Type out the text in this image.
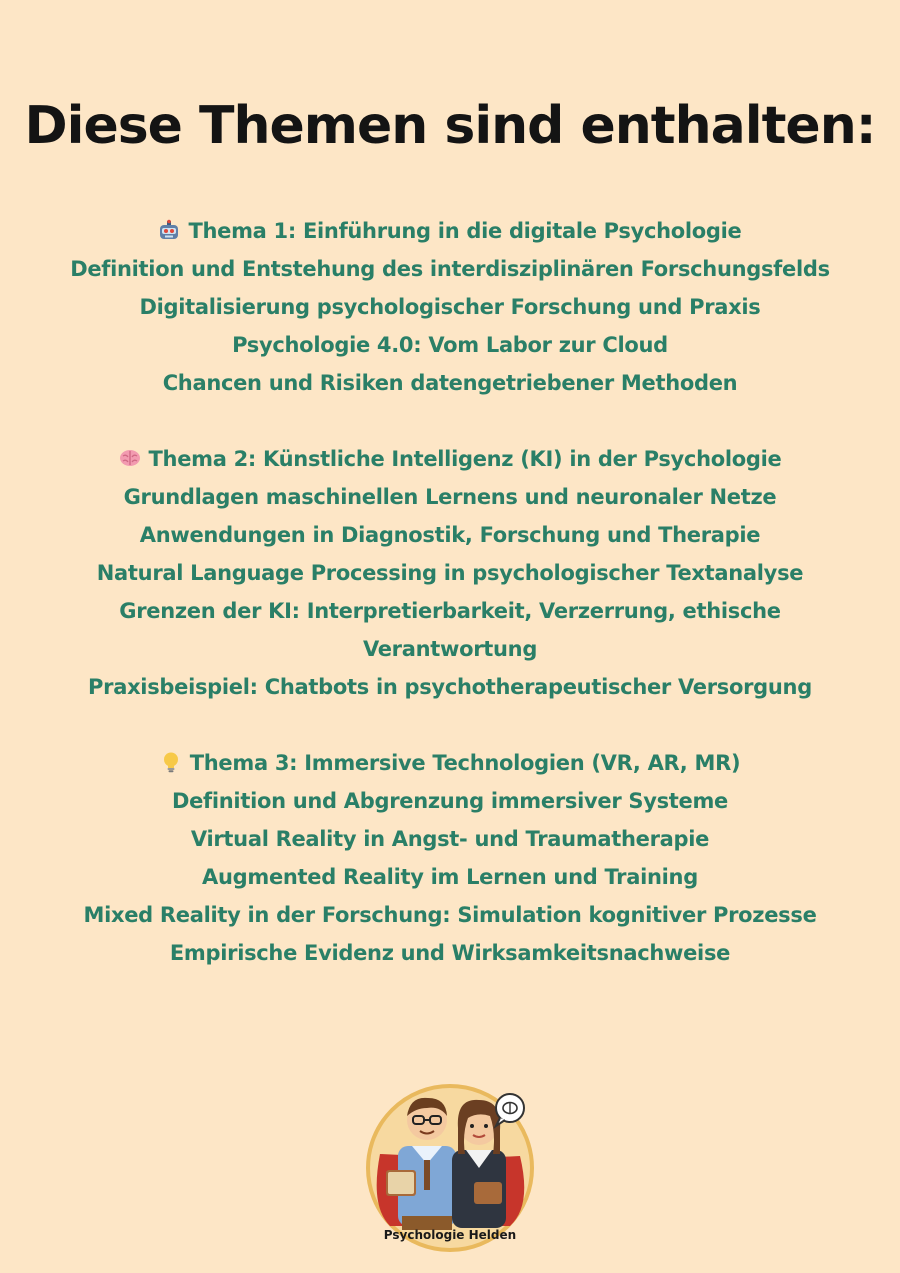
Diese Themen sind enthalten:

Thema 1: Einführung in die digitale Psychologie

Definition und Entstehung des interdisziplinären Forschungsfelds

Digitalisierung psychologischer Forschung und Praxis

Psychologie 4.0: Vom Labor zur Cloud

Chancen und Risiken datengetriebener Methoden

Thema 2: Künstliche Intelligenz (KI) in der Psychologie

Grundlagen maschinellen Lernens und neuronaler Netze

Anwendungen in Diagnostik, Forschung und Therapie

Natural Language Processing in psychologischer Textanalyse

Grenzen der KI: Interpretierbarkeit, Verzerrung, ethische

Verantwortung

Praxisbeispiel: Chatbots in psychotherapeutischer Versorgung

Thema 3: Immersive Technologien (VR, AR, MR)

Definition und Abgrenzung immersiver Systeme

Virtual Reality in Angst- und Traumatherapie

Augmented Reality im Lernen und Training

Mixed Reality in der Forschung: Simulation kognitiver Prozesse

Empirische Evidenz und Wirksamkeitsnachweise

Psychologie Helden
